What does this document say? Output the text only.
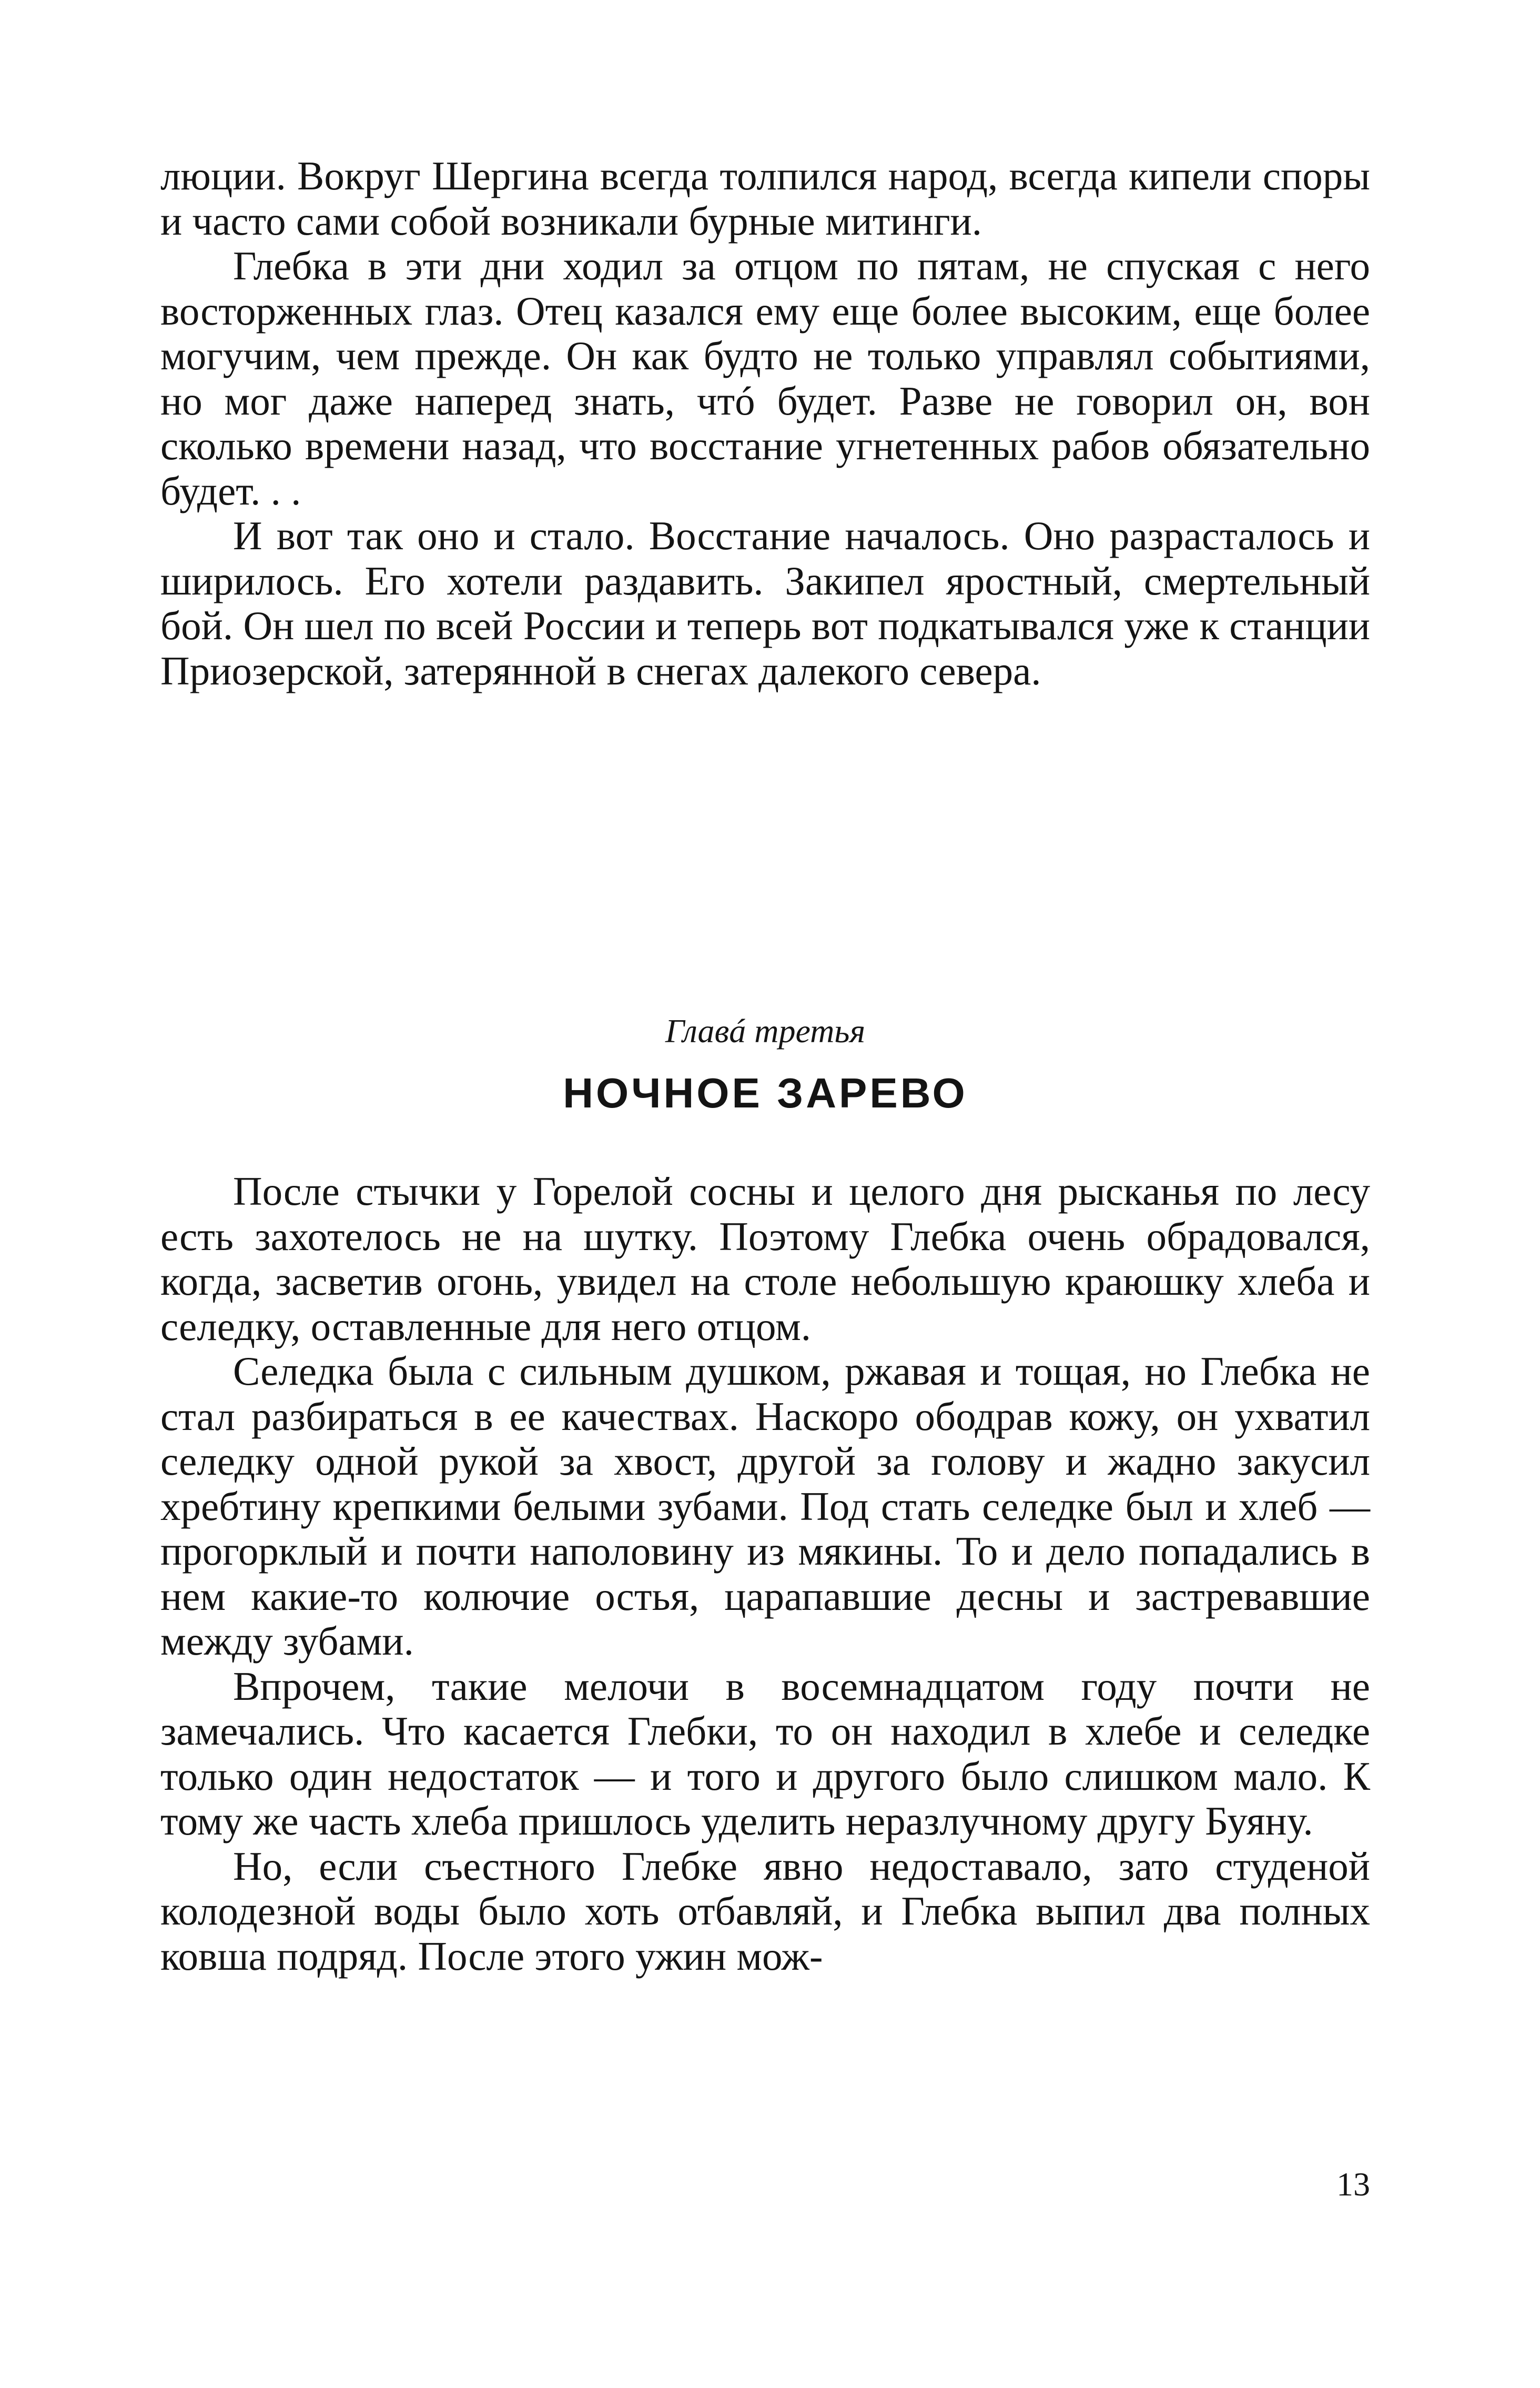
люции. Вокруг Шергина всегда толпился народ, всегда кипели споры и часто сами собой возникали бурные митинги.

Глебка в эти дни ходил за отцом по пятам, не спуская с него восторженных глаз. Отец казался ему еще более высоким, еще более могучим, чем прежде. Он как будто не только управлял событиями, но мог даже наперед знать, чтó будет. Разве не говорил он, вон сколько времени назад, что восстание угнетенных рабов обязательно будет. . .

И вот так оно и стало. Восстание началось. Оно разрасталось и ширилось. Его хотели раздавить. Закипел яростный, смертельный бой. Он шел по всей России и теперь вот подкатывался уже к станции Приозерской, затерянной в снегах далекого севера.

Главá третья
НОЧНОЕ ЗАРЕВО

После стычки у Горелой сосны и целого дня рысканья по лесу есть захотелось не на шутку. Поэтому Глебка очень обрадовался, когда, засветив огонь, увидел на столе небольшую краюшку хлеба и селедку, оставленные для него отцом.

Селедка была с сильным душком, ржавая и тощая, но Глебка не стал разбираться в ее качествах. Наскоро ободрав кожу, он ухватил селедку одной рукой за хвост, другой за голову и жадно закусил хребтину крепкими белыми зубами. Под стать селедке был и хлеб — прогорклый и почти наполовину из мякины. То и дело попадались в нем какие-то колючие остья, царапавшие десны и застревавшие между зубами.

Впрочем, такие мелочи в восемнадцатом году почти не замечались. Что касается Глебки, то он находил в хлебе и селедке только один недостаток — и того и другого было слишком мало. К тому же часть хлеба пришлось уделить неразлучному другу Буяну.

Но, если съестного Глебке явно недоставало, зато студеной колодезной воды было хоть отбавляй, и Глебка выпил два полных ковша подряд. После этого ужин мож-

13
